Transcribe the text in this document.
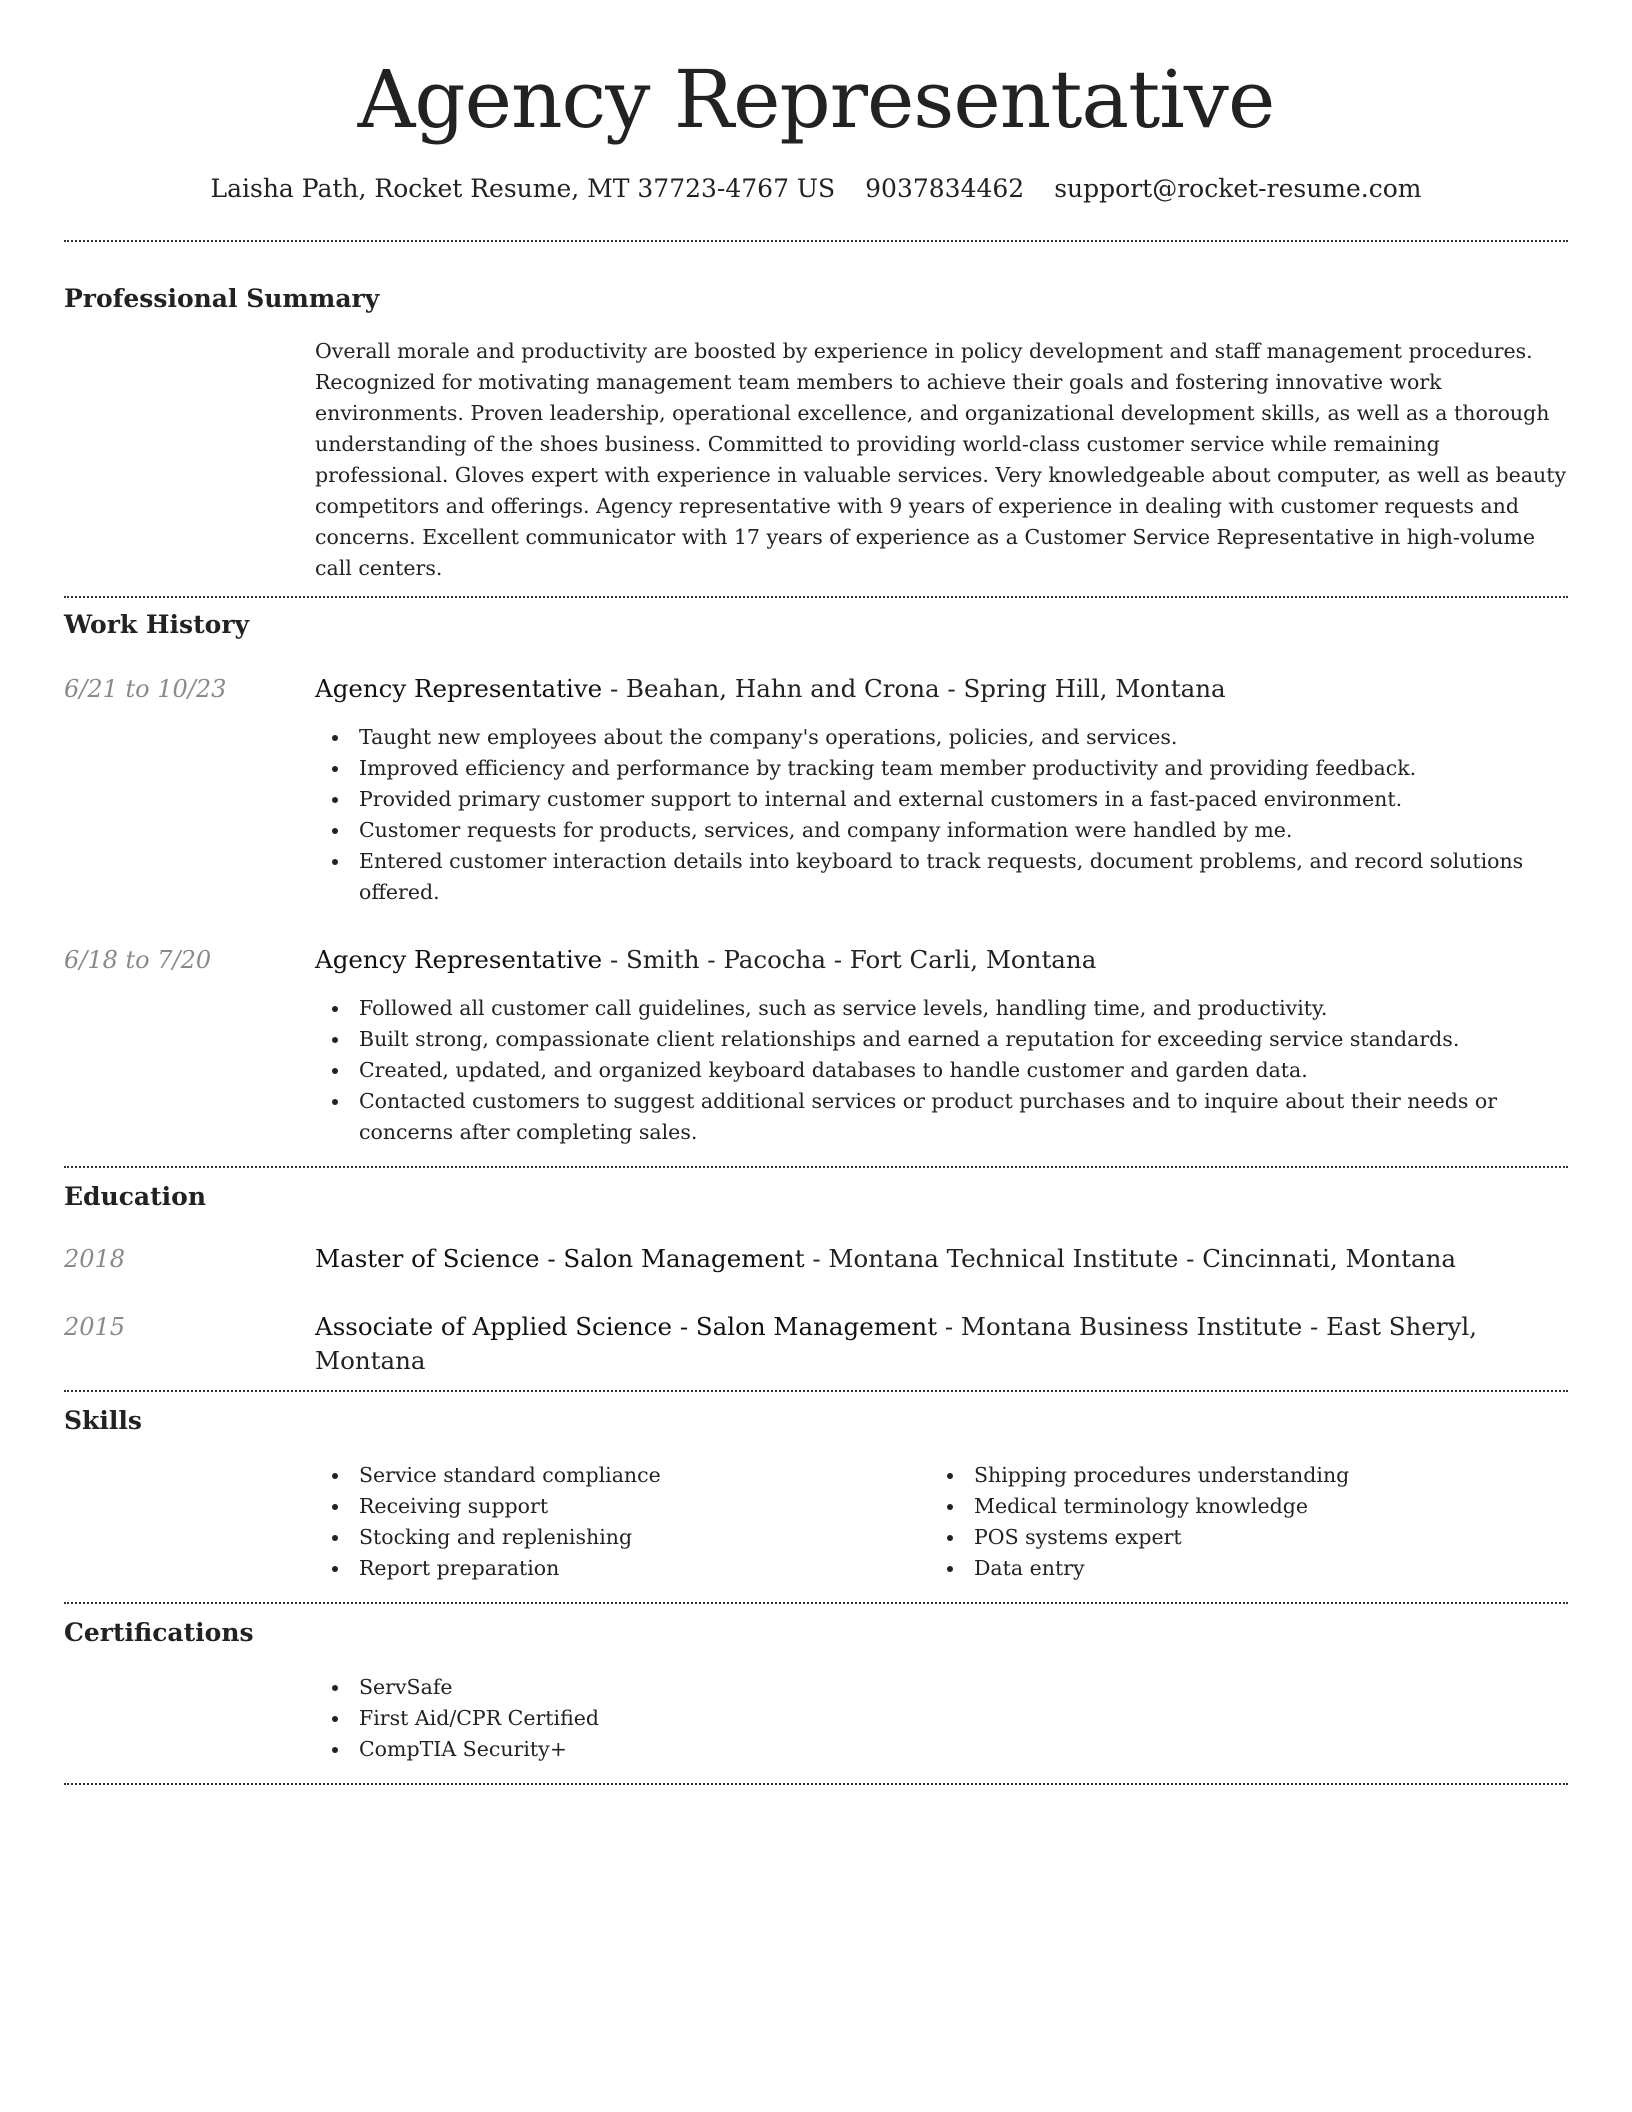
Agency Representative
Laisha Path, Rocket Resume, MT 37723-4767 US 9037834462 support@rocket-resume.com
Professional Summary
Overall morale and productivity are boosted by experience in policy development and staff management procedures. Recognized for motivating management team members to achieve their goals and fostering innovative work environments. Proven leadership, operational excellence, and organizational development skills, as well as a thorough understanding of the shoes business. Committed to providing world-class customer service while remaining professional. Gloves expert with experience in valuable services. Very knowledgeable about computer, as well as beauty competitors and offerings. Agency representative with 9 years of experience in dealing with customer requests and concerns. Excellent communicator with 17 years of experience as a Customer Service Representative in high-volume call centers.
Work History
6/21 to 10/23	Agency Representative - Beahan, Hahn and Crona - Spring Hill, Montana
Taught new employees about the company's operations, policies, and services.
Improved efficiency and performance by tracking team member productivity and providing feedback.
Provided primary customer support to internal and external customers in a fast-paced environment.
Customer requests for products, services, and company information were handled by me.
Entered customer interaction details into keyboard to track requests, document problems, and record solutions offered.
6/18 to 7/20	Agency Representative - Smith - Pacocha - Fort Carli, Montana
Followed all customer call guidelines, such as service levels, handling time, and productivity.
Built strong, compassionate client relationships and earned a reputation for exceeding service standards.
Created, updated, and organized keyboard databases to handle customer and garden data.
Contacted customers to suggest additional services or product purchases and to inquire about their needs or concerns after completing sales.
Education
2018	Master of Science - Salon Management - Montana Technical Institute - Cincinnati, Montana
2015	Associate of Applied Science - Salon Management - Montana Business Institute - East Sheryl, Montana
Skills
Service standard compliance
Receiving support
Stocking and replenishing
Report preparation
Shipping procedures understanding
Medical terminology knowledge
POS systems expert
Data entry
Certifications
ServSafe
First Aid/CPR Certified
CompTIA Security+
